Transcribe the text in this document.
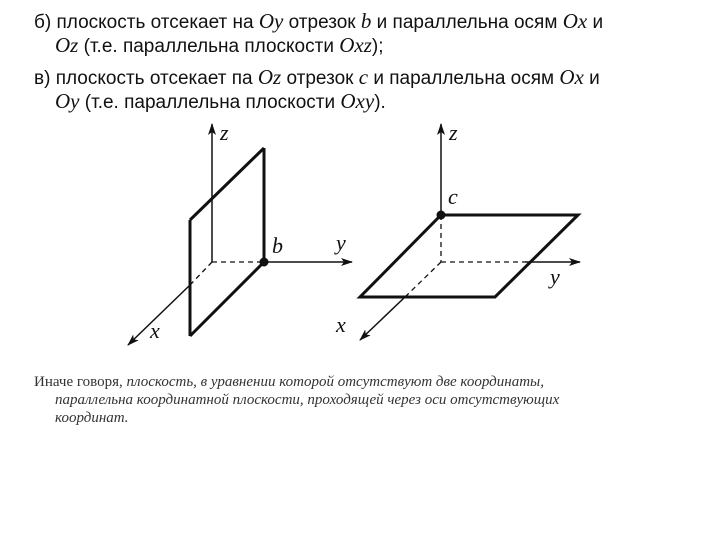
б) плоскость отсекает на Oy отрезок b и параллельна осям Ox и
Oz (т.е. параллельна плоскости Oxz);
в) плоскость отсекает па Oz отрезок c и параллельна осям Ox и
Oy (т.е. параллельна плоскости Oxy).
z
y
x
b
z
y
x
c
Иначе говоря, плоскость, в уравнении которой отсутствуют две координаты,
параллельна координатной плоскости, проходящей через оси отсутствующих
координат.
